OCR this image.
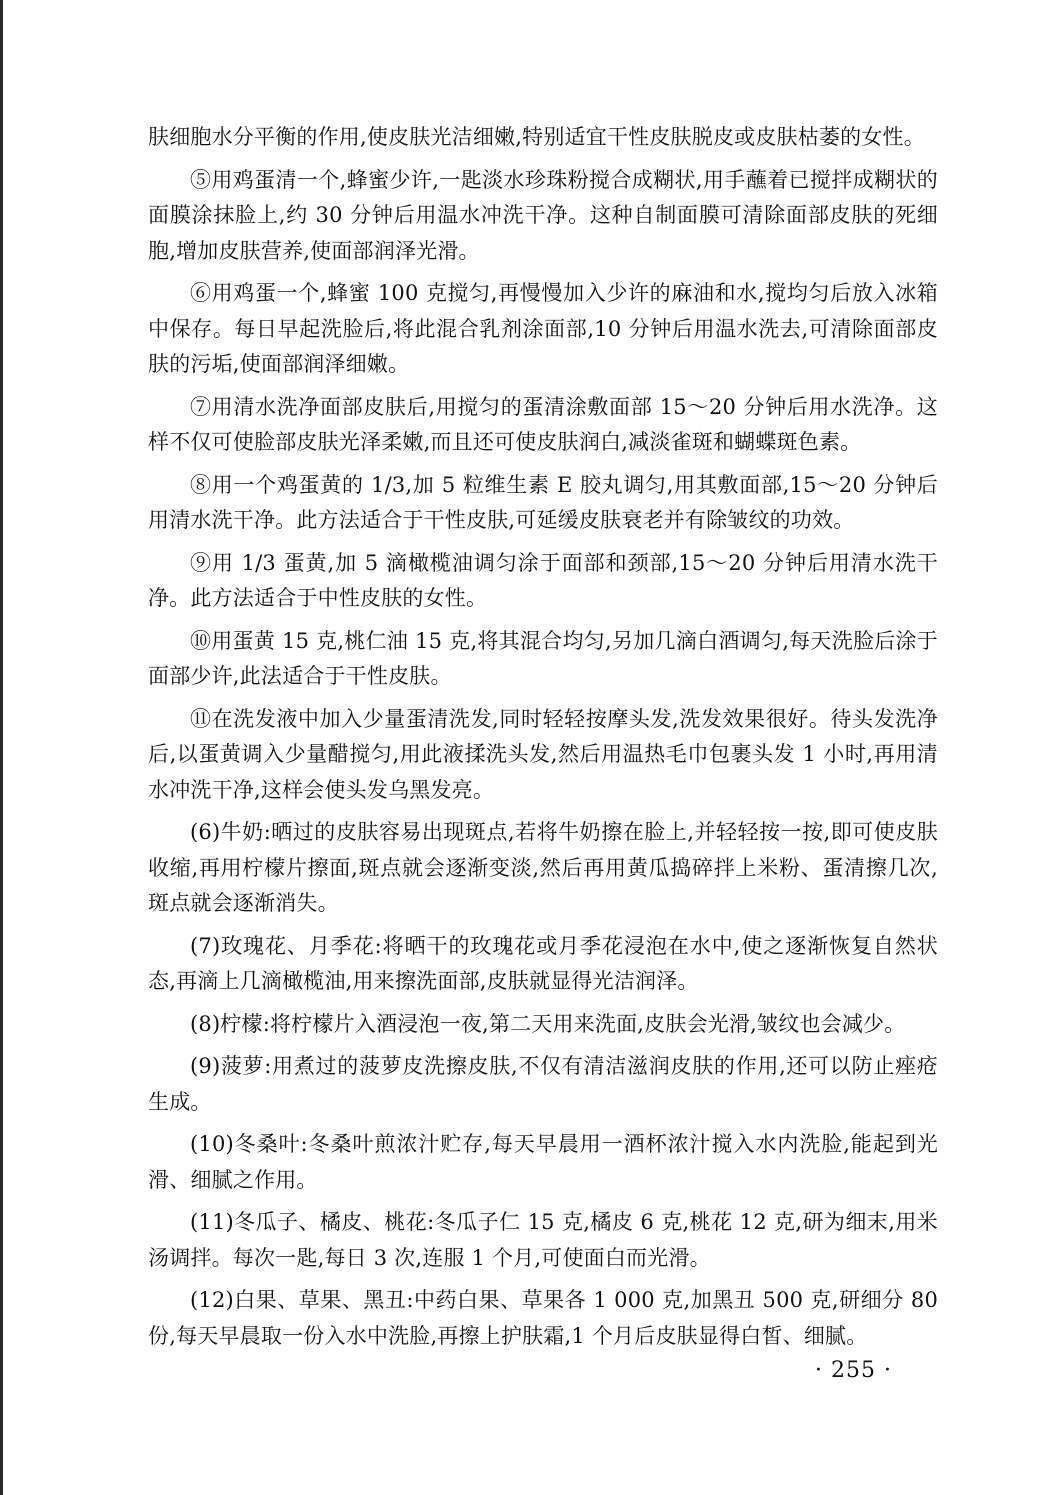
肤细胞水分平衡的作用,使皮肤光洁细嫩,特别适宜干性皮肤脱皮或皮肤枯萎的女性。

⑤用鸡蛋清一个,蜂蜜少许,一匙淡水珍珠粉搅合成糊状,用手蘸着已搅拌成糊状的面膜涂抹脸上,约 30 分钟后用温水冲洗干净。这种自制面膜可清除面部皮肤的死细胞,增加皮肤营养,使面部润泽光滑。

⑥用鸡蛋一个,蜂蜜 100 克搅匀,再慢慢加入少许的麻油和水,搅均匀后放入冰箱中保存。每日早起洗脸后,将此混合乳剂涂面部,10 分钟后用温水洗去,可清除面部皮肤的污垢,使面部润泽细嫩。

⑦用清水洗净面部皮肤后,用搅匀的蛋清涂敷面部 15～20 分钟后用水洗净。这样不仅可使脸部皮肤光泽柔嫩,而且还可使皮肤润白,减淡雀斑和蝴蝶斑色素。

⑧用一个鸡蛋黄的 1/3,加 5 粒维生素 E 胶丸调匀,用其敷面部,15～20 分钟后用清水洗干净。此方法适合于干性皮肤,可延缓皮肤衰老并有除皱纹的功效。

⑨用 1/3 蛋黄,加 5 滴橄榄油调匀涂于面部和颈部,15～20 分钟后用清水洗干净。此方法适合于中性皮肤的女性。

⑩用蛋黄 15 克,桃仁油 15 克,将其混合均匀,另加几滴白酒调匀,每天洗脸后涂于面部少许,此法适合于干性皮肤。

⑪在洗发液中加入少量蛋清洗发,同时轻轻按摩头发,洗发效果很好。待头发洗净后,以蛋黄调入少量醋搅匀,用此液揉洗头发,然后用温热毛巾包裹头发 1 小时,再用清水冲洗干净,这样会使头发乌黑发亮。

(6)牛奶:晒过的皮肤容易出现斑点,若将牛奶擦在脸上,并轻轻按一按,即可使皮肤收缩,再用柠檬片擦面,斑点就会逐渐变淡,然后再用黄瓜捣碎拌上米粉、蛋清擦几次,斑点就会逐渐消失。

(7)玫瑰花、月季花:将晒干的玫瑰花或月季花浸泡在水中,使之逐渐恢复自然状态,再滴上几滴橄榄油,用来擦洗面部,皮肤就显得光洁润泽。

(8)柠檬:将柠檬片入酒浸泡一夜,第二天用来洗面,皮肤会光滑,皱纹也会减少。

(9)菠萝:用煮过的菠萝皮洗擦皮肤,不仅有清洁滋润皮肤的作用,还可以防止痤疮生成。

(10)冬桑叶:冬桑叶煎浓汁贮存,每天早晨用一酒杯浓汁搅入水内洗脸,能起到光滑、细腻之作用。

(11)冬瓜子、橘皮、桃花:冬瓜子仁 15 克,橘皮 6 克,桃花 12 克,研为细末,用米汤调拌。每次一匙,每日 3 次,连服 1 个月,可使面白而光滑。

(12)白果、草果、黑丑:中药白果、草果各 1 000 克,加黑丑 500 克,研细分 80 份,每天早晨取一份入水中洗脸,再擦上护肤霜,1 个月后皮肤显得白皙、细腻。

· 255 ·
